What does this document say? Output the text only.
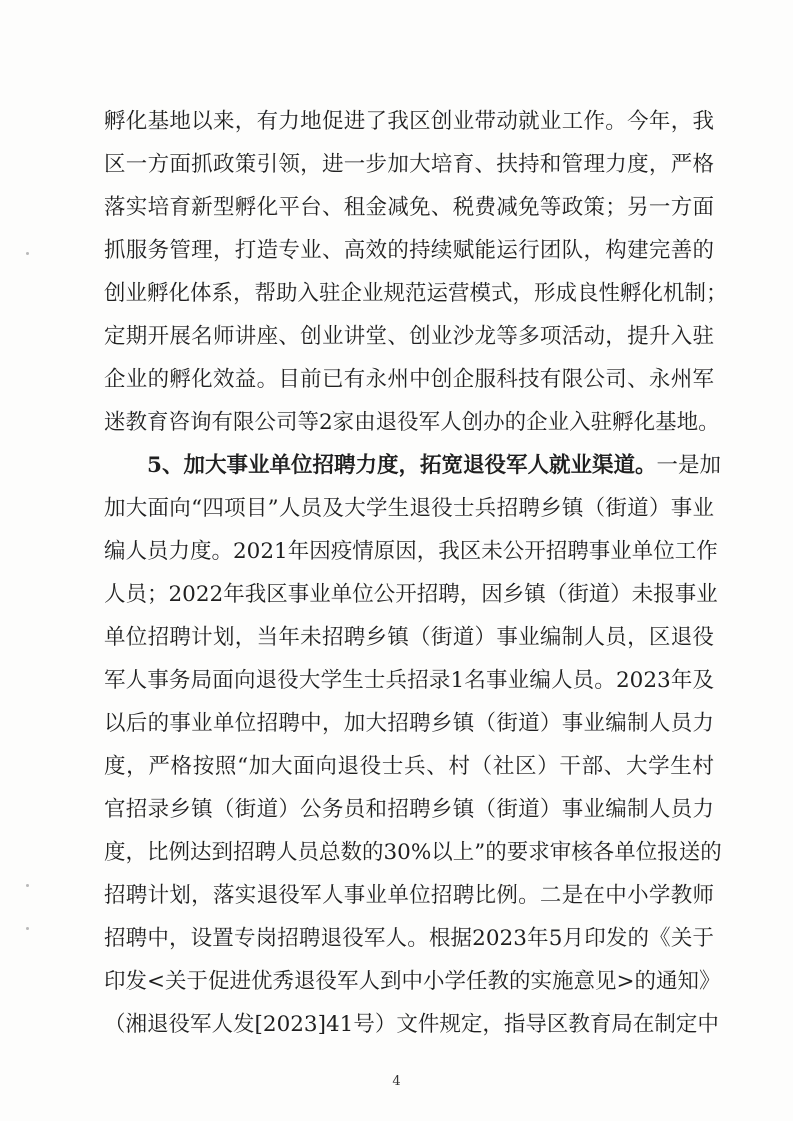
孵化基地以来，有力地促进了我区创业带动就业工作。今年，我
区一方面抓政策引领，进一步加大培育、扶持和管理力度，严格
落实培育新型孵化平台、租金减免、税费减免等政策；另一方面
抓服务管理，打造专业、高效的持续赋能运行团队，构建完善的
创业孵化体系，帮助入驻企业规范运营模式，形成良性孵化机制；
定期开展名师讲座、创业讲堂、创业沙龙等多项活动，提升入驻
企业的孵化效益。目前已有永州中创企服科技有限公司、永州军
迷教育咨询有限公司等2家由退役军人创办的企业入驻孵化基地。
5、加大事业单位招聘力度，拓宽退役军人就业渠道。一是加
加大面向“四项目”人员及大学生退役士兵招聘乡镇（街道）事业
编人员力度。2021年因疫情原因，我区未公开招聘事业单位工作
人员；2022年我区事业单位公开招聘，因乡镇（街道）未报事业
单位招聘计划，当年未招聘乡镇（街道）事业编制人员，区退役
军人事务局面向退役大学生士兵招录1名事业编人员。2023年及
以后的事业单位招聘中，加大招聘乡镇（街道）事业编制人员力
度，严格按照“加大面向退役士兵、村（社区）干部、大学生村
官招录乡镇（街道）公务员和招聘乡镇（街道）事业编制人员力
度，比例达到招聘人员总数的30%以上”的要求审核各单位报送的
招聘计划，落实退役军人事业单位招聘比例。二是在中小学教师
招聘中，设置专岗招聘退役军人。根据2023年5月印发的《关于
印发<关于促进优秀退役军人到中小学任教的实施意见>的通知》
（湘退役军人发[2023]41号）文件规定，指导区教育局在制定中
4
